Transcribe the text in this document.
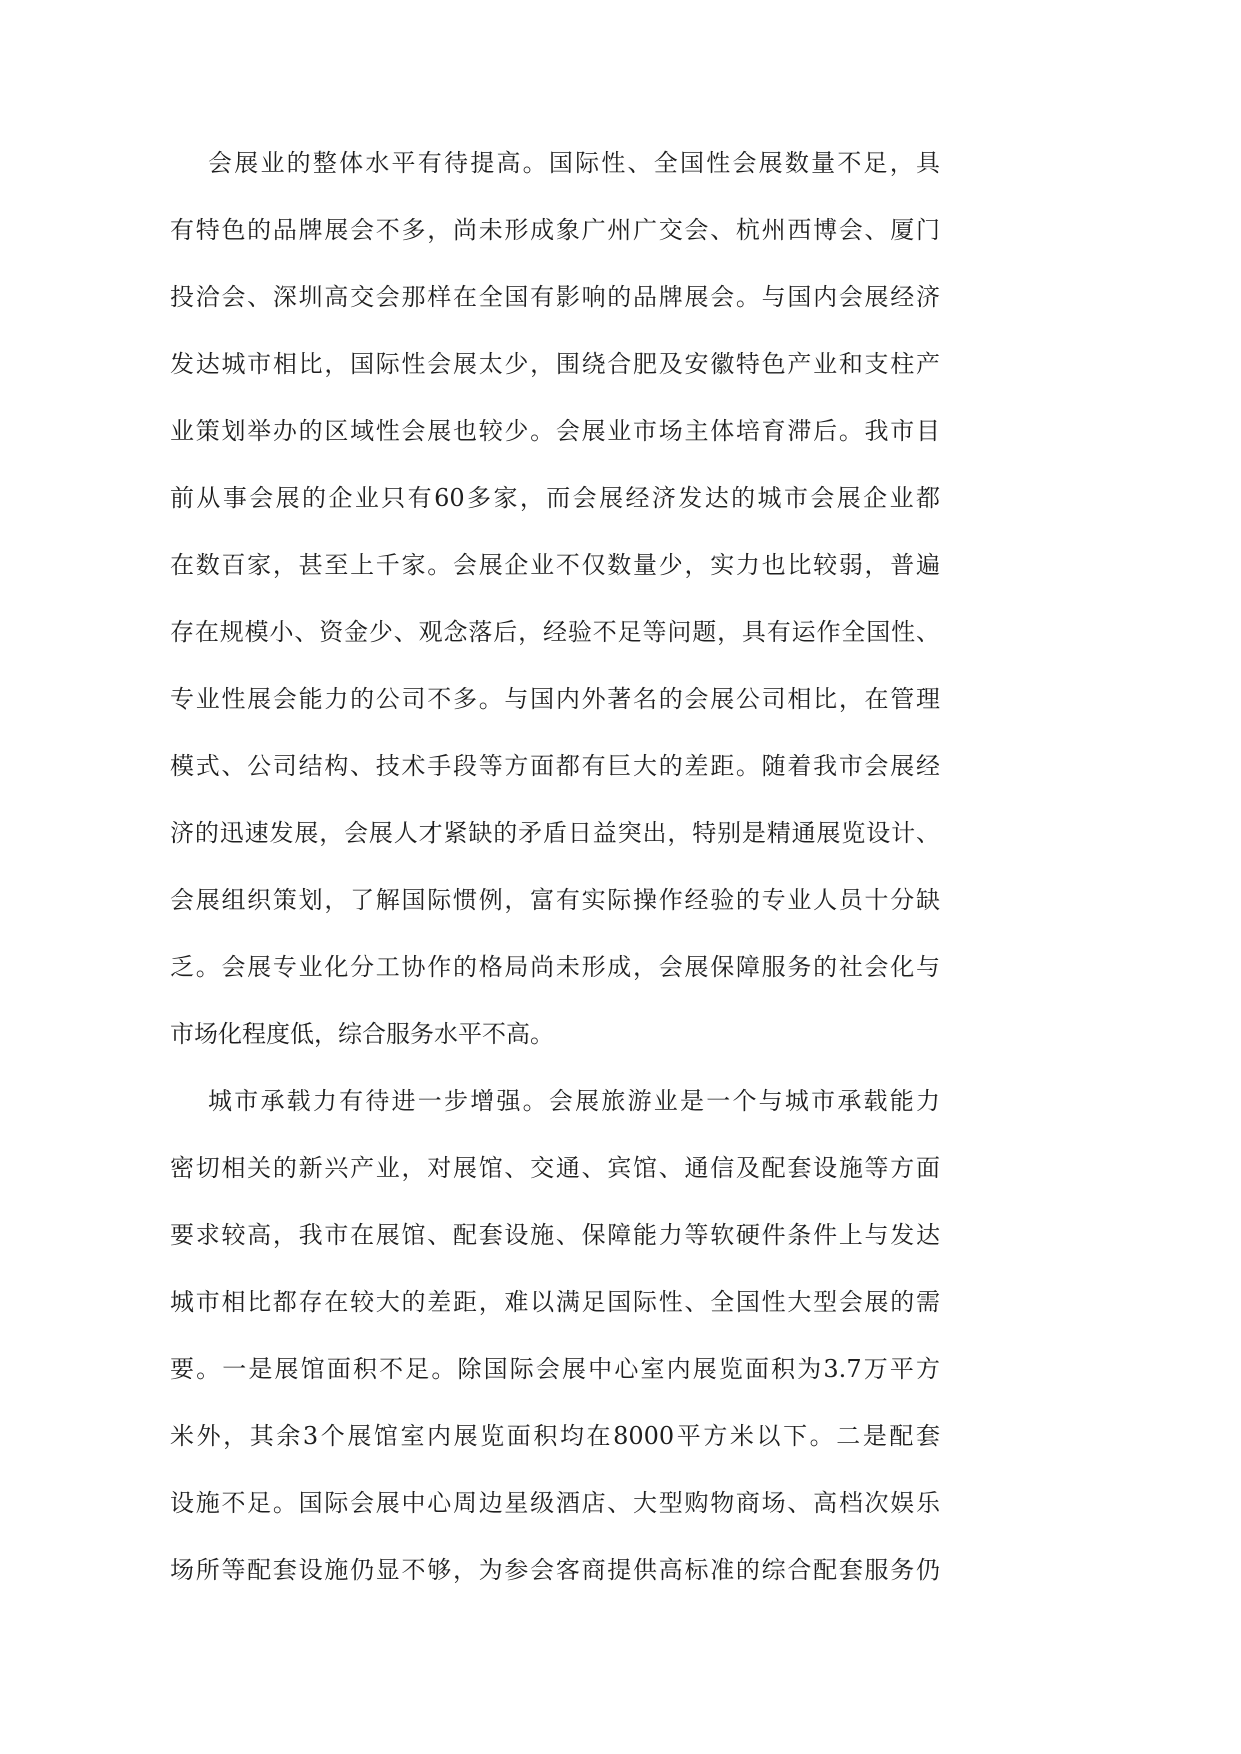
会展业的整体水平有待提高。国际性、全国性会展数量不足，具
有特色的品牌展会不多，尚未形成象广州广交会、杭州西博会、厦门
投洽会、深圳高交会那样在全国有影响的品牌展会。与国内会展经济
发达城市相比，国际性会展太少，围绕合肥及安徽特色产业和支柱产
业策划举办的区域性会展也较少。会展业市场主体培育滞后。我市目
前从事会展的企业只有60多家，而会展经济发达的城市会展企业都
在数百家，甚至上千家。会展企业不仅数量少，实力也比较弱，普遍
存在规模小、资金少、观念落后，经验不足等问题，具有运作全国性、
专业性展会能力的公司不多。与国内外著名的会展公司相比，在管理
模式、公司结构、技术手段等方面都有巨大的差距。随着我市会展经
济的迅速发展，会展人才紧缺的矛盾日益突出，特别是精通展览设计、
会展组织策划，了解国际惯例，富有实际操作经验的专业人员十分缺
乏。会展专业化分工协作的格局尚未形成，会展保障服务的社会化与
市场化程度低，综合服务水平不高。
城市承载力有待进一步增强。会展旅游业是一个与城市承载能力
密切相关的新兴产业，对展馆、交通、宾馆、通信及配套设施等方面
要求较高，我市在展馆、配套设施、保障能力等软硬件条件上与发达
城市相比都存在较大的差距，难以满足国际性、全国性大型会展的需
要。一是展馆面积不足。除国际会展中心室内展览面积为3.7万平方
米外，其余3个展馆室内展览面积均在8000平方米以下。二是配套
设施不足。国际会展中心周边星级酒店、大型购物商场、高档次娱乐
场所等配套设施仍显不够，为参会客商提供高标准的综合配套服务仍
